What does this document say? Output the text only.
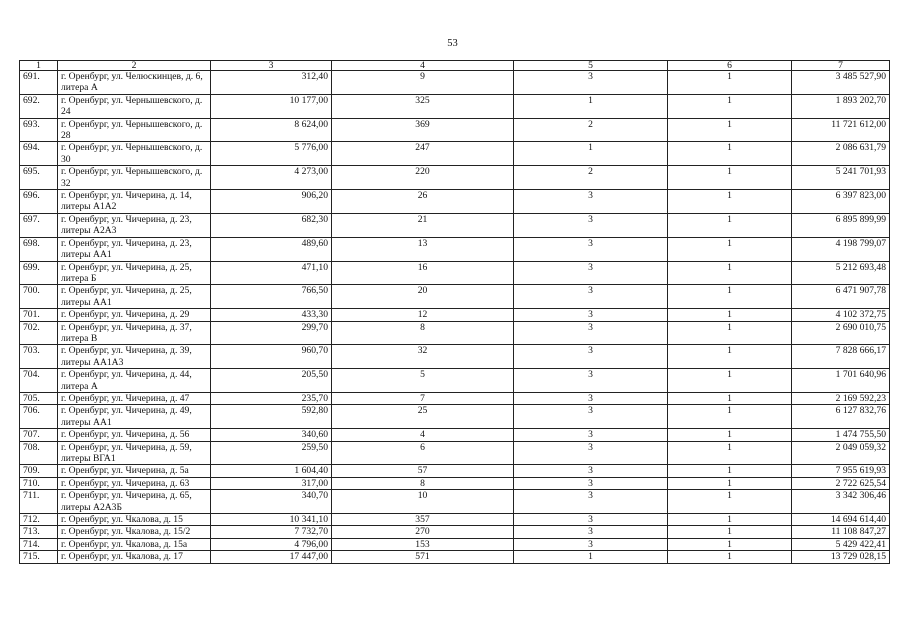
53
1	2	3	4	5	6	7
691.	г. Оренбург, ул. Челюскинцев, д. 6, литера А	312,40	9	3	1	3 485 527,90
692.	г. Оренбург, ул. Чернышевского, д. 24	10 177,00	325	1	1	1 893 202,70
693.	г. Оренбург, ул. Чернышевского, д. 28	8 624,00	369	2	1	11 721 612,00
694.	г. Оренбург, ул. Чернышевского, д. 30	5 776,00	247	1	1	2 086 631,79
695.	г. Оренбург, ул. Чернышевского, д. 32	4 273,00	220	2	1	5 241 701,93
696.	г. Оренбург, ул. Чичерина, д. 14, литеры А1А2	906,20	26	3	1	6 397 823,00
697.	г. Оренбург, ул. Чичерина, д. 23, литеры А2А3	682,30	21	3	1	6 895 899,99
698.	г. Оренбург, ул. Чичерина, д. 23, литеры АА1	489,60	13	3	1	4 198 799,07
699.	г. Оренбург, ул. Чичерина, д. 25, литера Б	471,10	16	3	1	5 212 693,48
700.	г. Оренбург, ул. Чичерина, д. 25, литеры АА1	766,50	20	3	1	6 471 907,78
701.	г. Оренбург, ул. Чичерина, д. 29	433,30	12	3	1	4 102 372,75
702.	г. Оренбург, ул. Чичерина, д. 37, литера В	299,70	8	3	1	2 690 010,75
703.	г. Оренбург, ул. Чичерина, д. 39, литеры АА1А3	960,70	32	3	1	7 828 666,17
704.	г. Оренбург, ул. Чичерина, д. 44, литера А	205,50	5	3	1	1 701 640,96
705.	г. Оренбург, ул. Чичерина, д. 47	235,70	7	3	1	2 169 592,23
706.	г. Оренбург, ул. Чичерина, д. 49, литеры АА1	592,80	25	3	1	6 127 832,76
707.	г. Оренбург, ул. Чичерина, д. 56	340,60	4	3	1	1 474 755,50
708.	г. Оренбург, ул. Чичерина, д. 59, литеры ВГА1	259,50	6	3	1	2 049 059,32
709.	г. Оренбург, ул. Чичерина, д. 5а	1 604,40	57	3	1	7 955 619,93
710.	г. Оренбург, ул. Чичерина, д. 63	317,00	8	3	1	2 722 625,54
711.	г. Оренбург, ул. Чичерина, д. 65, литеры А2А3Б	340,70	10	3	1	3 342 306,46
712.	г. Оренбург, ул. Чкалова, д. 15	10 341,10	357	3	1	14 694 614,40
713.	г. Оренбург, ул. Чкалова, д. 15/2	7 732,70	270	3	1	11 108 847,27
714.	г. Оренбург, ул. Чкалова, д. 15а	4 796,00	153	3	1	5 429 422,41
715.	г. Оренбург, ул. Чкалова, д. 17	17 447,00	571	1	1	13 729 028,15
